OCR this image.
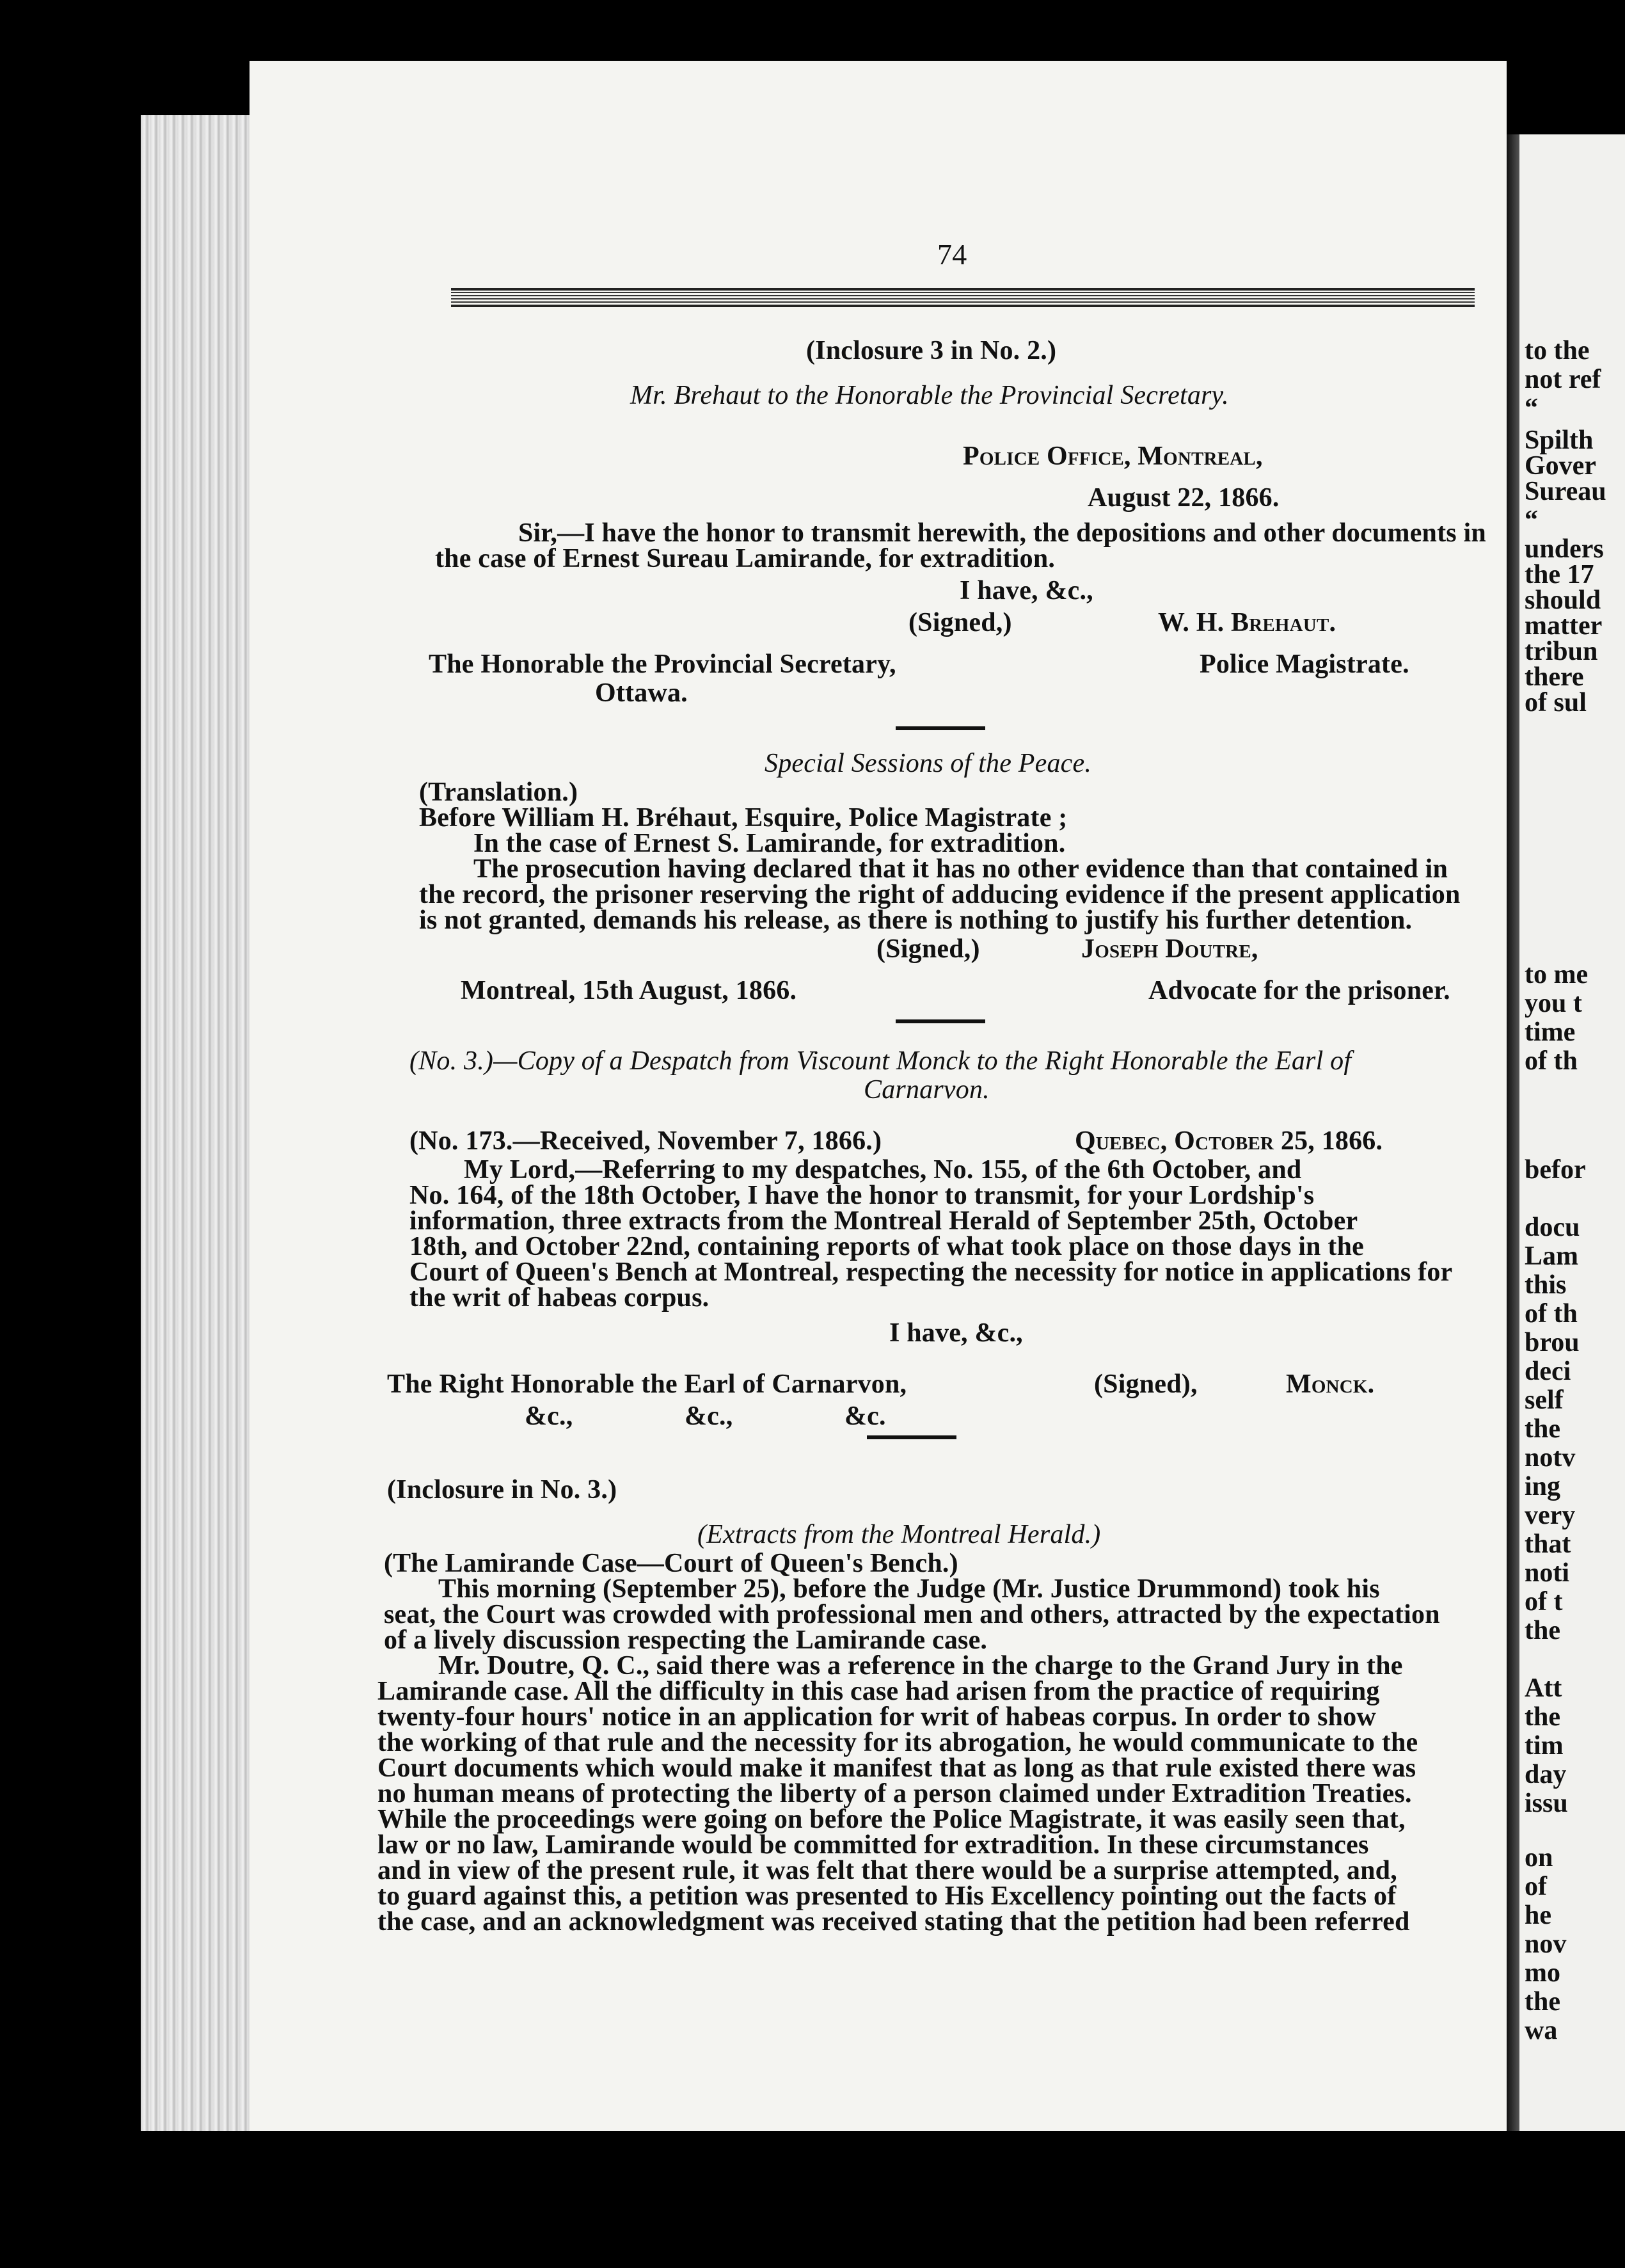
74
(Inclosure 3 in No. 2.)
Mr. Brehaut to the Honorable the Provincial Secretary.
Police Office, Montreal,
August 22, 1866.
Sir,—I have the honor to transmit herewith, the depositions and other documents in
the case of Ernest Sureau Lamirande, for extradition.
I have, &c.,
(Signed,)	W. H. Brehaut.
The Honorable the Provincial Secretary,	Police Magistrate.
Ottawa.
Special Sessions of the Peace.
(Translation.)
Before William H. Bréhaut, Esquire, Police Magistrate ;
In the case of Ernest S. Lamirande, for extradition.
The prosecution having declared that it has no other evidence than that contained in
the record, the prisoner reserving the right of adducing evidence if the present application
is not granted, demands his release, as there is nothing to justify his further detention.
(Signed,)	Joseph Doutre,
Montreal, 15th August, 1866.	Advocate for the prisoner.
(No. 3.)—Copy of a Despatch from Viscount Monck to the Right Honorable the Earl of
Carnarvon.
(No. 173.—Received, November 7, 1866.)	Quebec, October 25, 1866.
My Lord,—Referring to my despatches, No. 155, of the 6th October, and
No. 164, of the 18th October, I have the honor to transmit, for your Lordship's
information, three extracts from the Montreal Herald of September 25th, October
18th, and October 22nd, containing reports of what took place on those days in the
Court of Queen's Bench at Montreal, respecting the necessity for notice in applications for
the writ of habeas corpus.
I have, &c.,
The Right Honorable the Earl of Carnarvon,	(Signed),	Monck.
&c.,	&c.,	&c.
(Inclosure in No. 3.)
(Extracts from the Montreal Herald.)
(The Lamirande Case—Court of Queen's Bench.)
This morning (September 25), before the Judge (Mr. Justice Drummond) took his
seat, the Court was crowded with professional men and others, attracted by the expectation
of a lively discussion respecting the Lamirande case.
Mr. Doutre, Q. C., said there was a reference in the charge to the Grand Jury in the
Lamirande case. All the difficulty in this case had arisen from the practice of requiring
twenty-four hours' notice in an application for writ of habeas corpus. In order to show
the working of that rule and the necessity for its abrogation, he would communicate to the
Court documents which would make it manifest that as long as that rule existed there was
no human means of protecting the liberty of a person claimed under Extradition Treaties.
While the proceedings were going on before the Police Magistrate, it was easily seen that,
law or no law, Lamirande would be committed for extradition. In these circumstances
and in view of the present rule, it was felt that there would be a surprise attempted, and,
to guard against this, a petition was presented to His Excellency pointing out the facts of
the case, and an acknowledgment was received stating that the petition had been referred
to the
not ref
“
Spilth
Gover
Sureau
“
unders
the 17
should
matter
tribun
there
of sul
to me
you t
time
of th
befor
docu
Lam
this
of th
brou
deci
self
the
notv
ing
very
that
noti
of t
the
Att
the
tim
day
issu
on
of
he
nov
mo
the
wa
